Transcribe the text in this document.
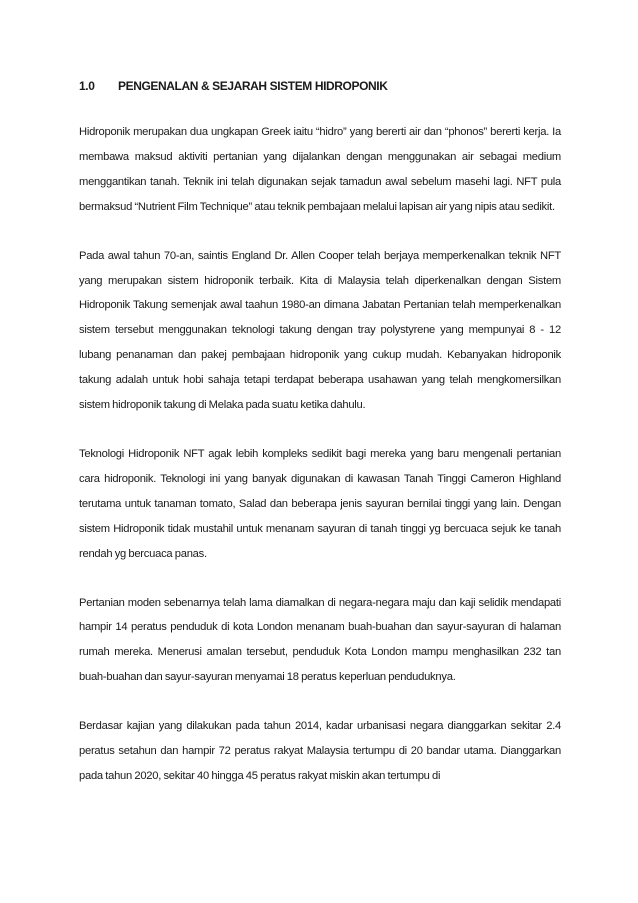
1.0 PENGENALAN & SEJARAH SISTEM HIDROPONIK

Hidroponik merupakan dua ungkapan Greek iaitu “hidro” yang bererti air dan “phonos” bererti kerja. Ia membawa maksud aktiviti pertanian yang dijalankan dengan menggunakan air sebagai medium menggantikan tanah. Teknik ini telah digunakan sejak tamadun awal sebelum masehi lagi. NFT pula bermaksud “Nutrient Film Technique” atau teknik pembajaan melalui lapisan air yang nipis atau sedikit.

Pada awal tahun 70-an, saintis England Dr. Allen Cooper telah berjaya memperkenalkan teknik NFT yang merupakan sistem hidroponik terbaik. Kita di Malaysia telah diperkenalkan dengan Sistem Hidroponik Takung semenjak awal taahun 1980-an dimana Jabatan Pertanian telah memperkenalkan sistem tersebut menggunakan teknologi takung dengan tray polystyrene yang mempunyai 8 - 12 lubang penanaman dan pakej pembajaan hidroponik yang cukup mudah. Kebanyakan hidroponik takung adalah untuk hobi sahaja tetapi terdapat beberapa usahawan yang telah mengkomersilkan sistem hidroponik takung di Melaka pada suatu ketika dahulu.

Teknologi Hidroponik NFT agak lebih kompleks sedikit bagi mereka yang baru mengenali pertanian cara hidroponik. Teknologi ini yang banyak digunakan di kawasan Tanah Tinggi Cameron Highland terutama untuk tanaman tomato, Salad dan beberapa jenis sayuran bernilai tinggi yang lain. Dengan sistem Hidroponik tidak mustahil untuk menanam sayuran di tanah tinggi yg bercuaca sejuk ke tanah rendah yg bercuaca panas.

Pertanian moden sebenarnya telah lama diamalkan di negara-negara maju dan kaji selidik mendapati hampir 14 peratus penduduk di kota London menanam buah-buahan dan sayur-sayuran di halaman rumah mereka. Menerusi amalan tersebut, penduduk Kota London mampu menghasilkan 232 tan buah-buahan dan sayur-sayuran menyamai 18 peratus keperluan penduduknya.

Berdasar kajian yang dilakukan pada tahun 2014, kadar urbanisasi negara dianggarkan sekitar 2.4 peratus setahun dan hampir 72 peratus rakyat Malaysia tertumpu di 20 bandar utama. Dianggarkan pada tahun 2020, sekitar 40 hingga 45 peratus rakyat miskin akan tertumpu di
